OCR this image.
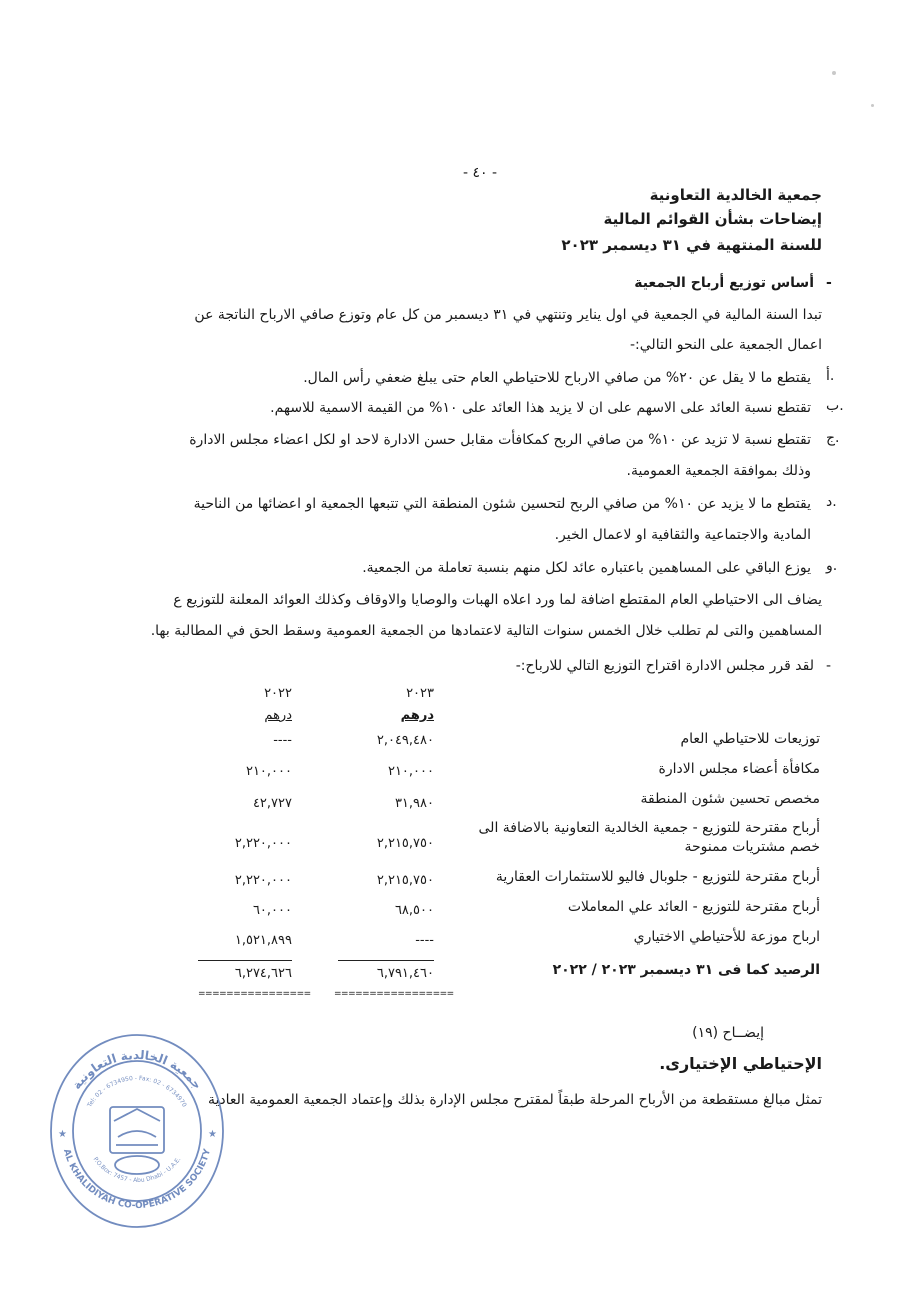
- ٤٠ -
جمعية الخالدية التعاونية
إيضاحات بشأن القوائم المالية
للسنة المنتهية في ٣١ ديسمبر ٢٠٢٣
-
أساس توزيع أرباح الجمعية
تبدا السنة المالية في الجمعية في اول يناير وتنتهي في ٣١ ديسمبر من كل عام وتوزع صافي الارباح الناتجة عن
اعمال الجمعية على النحو التالي:-
أ.
يقتطع ما لا يقل عن ٢٠% من صافي الارباح للاحتياطي العام حتى يبلغ ضعفي رأس المال.
ب.
تقتطع نسبة العائد على الاسهم على ان لا يزيد هذا العائد على ١٠% من القيمة الاسمية للاسهم.
ج.
تقتطع نسبة لا تزيد عن ١٠% من صافي الربح كمكافأت مقابل حسن الادارة لاحد او لكل اعضاء مجلس الادارة
وذلك بموافقة الجمعية العمومية.
د.
يقتطع ما لا يزيد عن ١٠% من صافي الربح لتحسين شئون المنطقة التي تتبعها الجمعية او اعضائها من الناحية
المادية والاجتماعية والثقافية او لاعمال الخير.
و.
يوزع الباقي على المساهمين باعتباره عائد لكل منهم بنسبة تعاملة من الجمعية.
يضاف الى الاحتياطي العام المقتطع اضافة لما ورد اعلاه الهبات والوصايا والاوقاف وكذلك العوائد المعلنة للتوزيع ع
المساهمين والتى لم تطلب خلال الخمس سنوات التالية لاعتمادها من الجمعية العمومية وسقط الحق في المطالبة بها.
-
لقد قرر مجلس الادارة اقتراح التوزيع التالي للارباح:-
٢٠٢٣
درهم
٢٠٢٢
درهم
توزيعات للاحتياطي العام
٢,٠٤٩,٤٨٠
----
مكافأة أعضاء مجلس الادارة
٢١٠,٠٠٠
٢١٠,٠٠٠
مخصص تحسين شئون المنطقة
٣١,٩٨٠
٤٢,٧٢٧
أرباح مقترحة للتوزيع - جمعية الخالدية التعاونية بالاضافة الى خصم مشتريات ممنوحة
٢,٢١٥,٧٥٠
٢,٢٢٠,٠٠٠
أرباح مقترحة للتوزيع - جلوبال فاليو للاستثمارات العقارية
٢,٢١٥,٧٥٠
٢,٢٢٠,٠٠٠
أرباح مقترحة للتوزيع - العائد علي المعاملات
٦٨,٥٠٠
٦٠,٠٠٠
ارباح موزعة للأحتياطي الاختياري
----
١,٥٢١,٨٩٩
الرصيد كما فى ٣١ ديسمبر ٢٠٢٣ / ٢٠٢٢
٦,٧٩١,٤٦٠
٦,٢٧٤,٦٢٦
=================
================
إيضــاح (١٩)
الإحتياطي الإختيارى.
تمثل مبالغ مستقطعة من الأرباح المرحلة طبقاً لمقترح مجلس الإدارة بذلك وإعتماد الجمعية العمومية العادية
جمعية الخالدية التعاونية
AL KHALIDIYAH CO-OPERATIVE SOCIETY
Tel: 02 - 6734950 - Fax: 02 - 6734970
P.O.Box: 7457 - Abu Dhabi - U.A.E.
★	★
